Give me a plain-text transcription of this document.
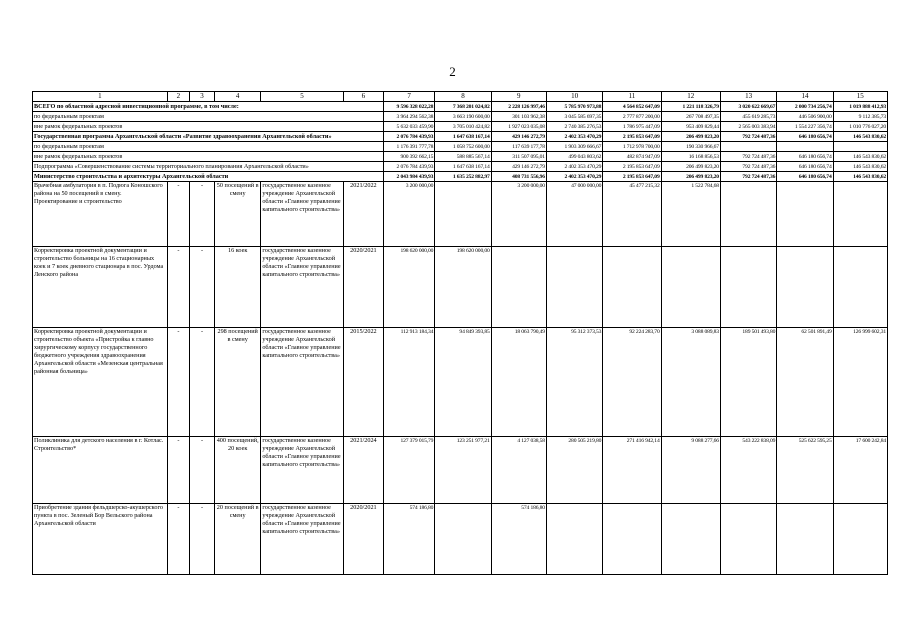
2
1	2	3	4	5	6	7	8	9	10	11	12	13	14	15
ВСЕГО по областной адресной инвестиционной программе, в том числе:						9 596 328 022,28	7 368 201 024,82	2 228 126 997,46	5 785 970 973,88	4 564 852 647,09	1 221 118 326,79	3 020 622 669,67	2 000 734 256,74	1 019 888 412,93
по федеральным проектам						3 964 294 562,38	3 663 190 600,00	301 103 962,38	3 045 585 697,35	2 777 877 200,00	267 708 497,35	455 619 285,73	446 506 900,00	9 112 385,73
вне рамок федеральных проектов						5 632 033 459,90	3 705 010 424,82	1 927 023 035,08	2 740 385 276,53	1 786 975 447,09	953 409 829,44	2 565 003 383,94	1 554 227 356,74	1 010 776 027,20
Государственная программа Архангельской области «Развитие здравоохранения Архангельской области»						2 076 784 439,93	1 647 638 167,14	429 146 272,79	2 402 353 470,29	2 195 853 647,09	206 499 823,20	792 724 487,36	646 180 656,74	146 543 830,62
по федеральным проектам						1 176 391 777,78	1 058 752 600,00	117 639 177,78	1 903 309 666,67	1 712 978 700,00	190 330 966,67			
вне рамок федеральных проектов						900 392 662,15	588 885 567,14	311 507 095,01	499 043 803,62	482 874 947,09	16 168 856,53	792 724 487,36	646 180 656,74	146 543 830,62
Подпрограмма «Совершенствование системы территориального планирования Архангельской области»						2 076 784 439,93	1 647 638 167,14	429 146 272,79	2 402 353 470,29	2 195 853 647,09	206 499 823,20	792 724 487,36	646 180 656,74	146 543 830,62
Министерство строительства и архитектуры Архангельской области						2 043 984 439,93	1 635 252 882,97	408 731 556,96	2 402 353 470,29	2 195 853 647,09	206 499 823,20	792 724 487,36	646 180 656,74	146 543 830,62
Врачебная амбулатория в п. Подюга Коношского района на 50 посещений в смену. Проектирование и строительство	-	-	50 посещений в смену	государственное казенное учреждение Архангельской области «Главное управление капитального строительства»	2021/2022	3 200 000,00		3 200 000,00	47 000 000,00	45 477 215,32	1 522 784,68			
Корректировка проектной документации и строительство больницы на 16 стационарных коек и 7 коек дневного стационара в пос. Урдома Ленского района	-	-	16 коек	государственное казенное учреждение Архангельской области «Главное управление капитального строительства»	2020/2021	198 620 000,00	198 620 000,00							
Корректировка проектной документации и строительство объекта «Пристройка к главно хирургическому корпусу государственного бюджетного учреждения здравоохранения Архангельской области «Мезенская центральная районная больница»	-	-	298 посещений в смену	государственное казенное учреждение Архангельской области «Главное управление капитального строительства»	2015/2022	112 913 184,34	94 849 393,85	18 063 790,49	95 312 373,53	92 224 283,70	3 088 089,83	189 501 493,80	62 501 891,49	126 999 602,31
Поликлиника для детского населения в г. Котлас. Строительство*	-	-	400 посещений, 20 коек	государственное казенное учреждение Архангельской области «Главное управление капитального строительства»	2021/2024	127 379 015,79	123 251 977,21	4 127 038,58	280 505 219,80	271 416 942,14	9 088 277,66	543 222 838,09	525 622 595,25	17 600 242,84
Приобретение здания фельдшерско-акушерского пункта в пос. Зеленый Бор Вельского района Архангельской области	-	-	20 посещений в смену	государственное казенное учреждение Архангельской области «Главное управление капитального строительства»	2020/2021	574 186,80		574 186,80						
